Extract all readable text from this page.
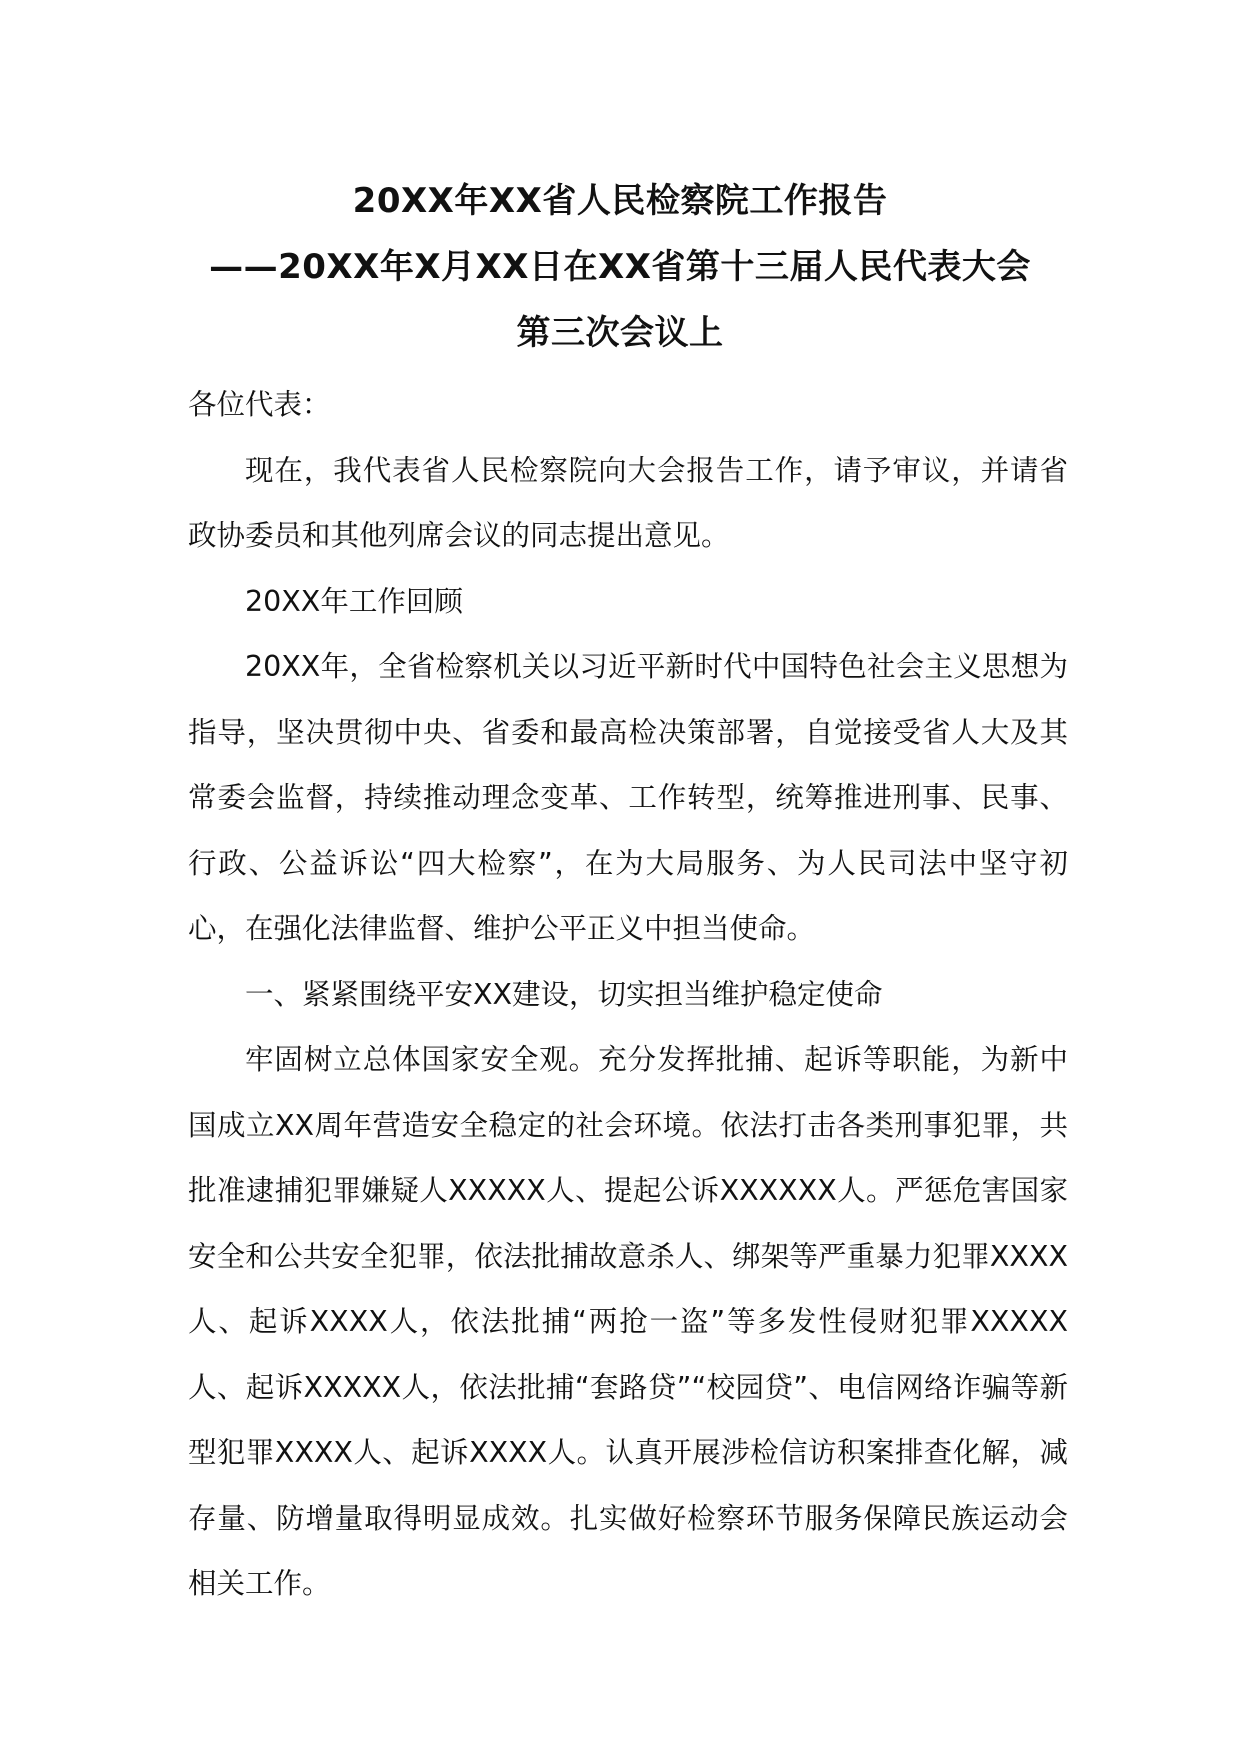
20XX年XX省人民检察院工作报告
——20XX年X月XX日在XX省第十三届人民代表大会
第三次会议上

各位代表：

现在，我代表省人民检察院向大会报告工作，请予审议，并请省政协委员和其他列席会议的同志提出意见。

20XX年工作回顾

20XX年，全省检察机关以习近平新时代中国特色社会主义思想为指导，坚决贯彻中央、省委和最高检决策部署，自觉接受省人大及其常委会监督，持续推动理念变革、工作转型，统筹推进刑事、民事、行政、公益诉讼“四大检察”，在为大局服务、为人民司法中坚守初心，在强化法律监督、维护公平正义中担当使命。

一、紧紧围绕平安XX建设，切实担当维护稳定使命

牢固树立总体国家安全观。充分发挥批捕、起诉等职能，为新中国成立XX周年营造安全稳定的社会环境。依法打击各类刑事犯罪，共批准逮捕犯罪嫌疑人XXXXX人、提起公诉XXXXXX人。严惩危害国家安全和公共安全犯罪，依法批捕故意杀人、绑架等严重暴力犯罪XXXX人、起诉XXXX人，依法批捕“两抢一盗”等多发性侵财犯罪XXXXX人、起诉XXXXX人，依法批捕“套路贷”“校园贷”、电信网络诈骗等新型犯罪XXXX人、起诉XXXX人。认真开展涉检信访积案排查化解，减存量、防增量取得明显成效。扎实做好检察环节服务保障民族运动会相关工作。
